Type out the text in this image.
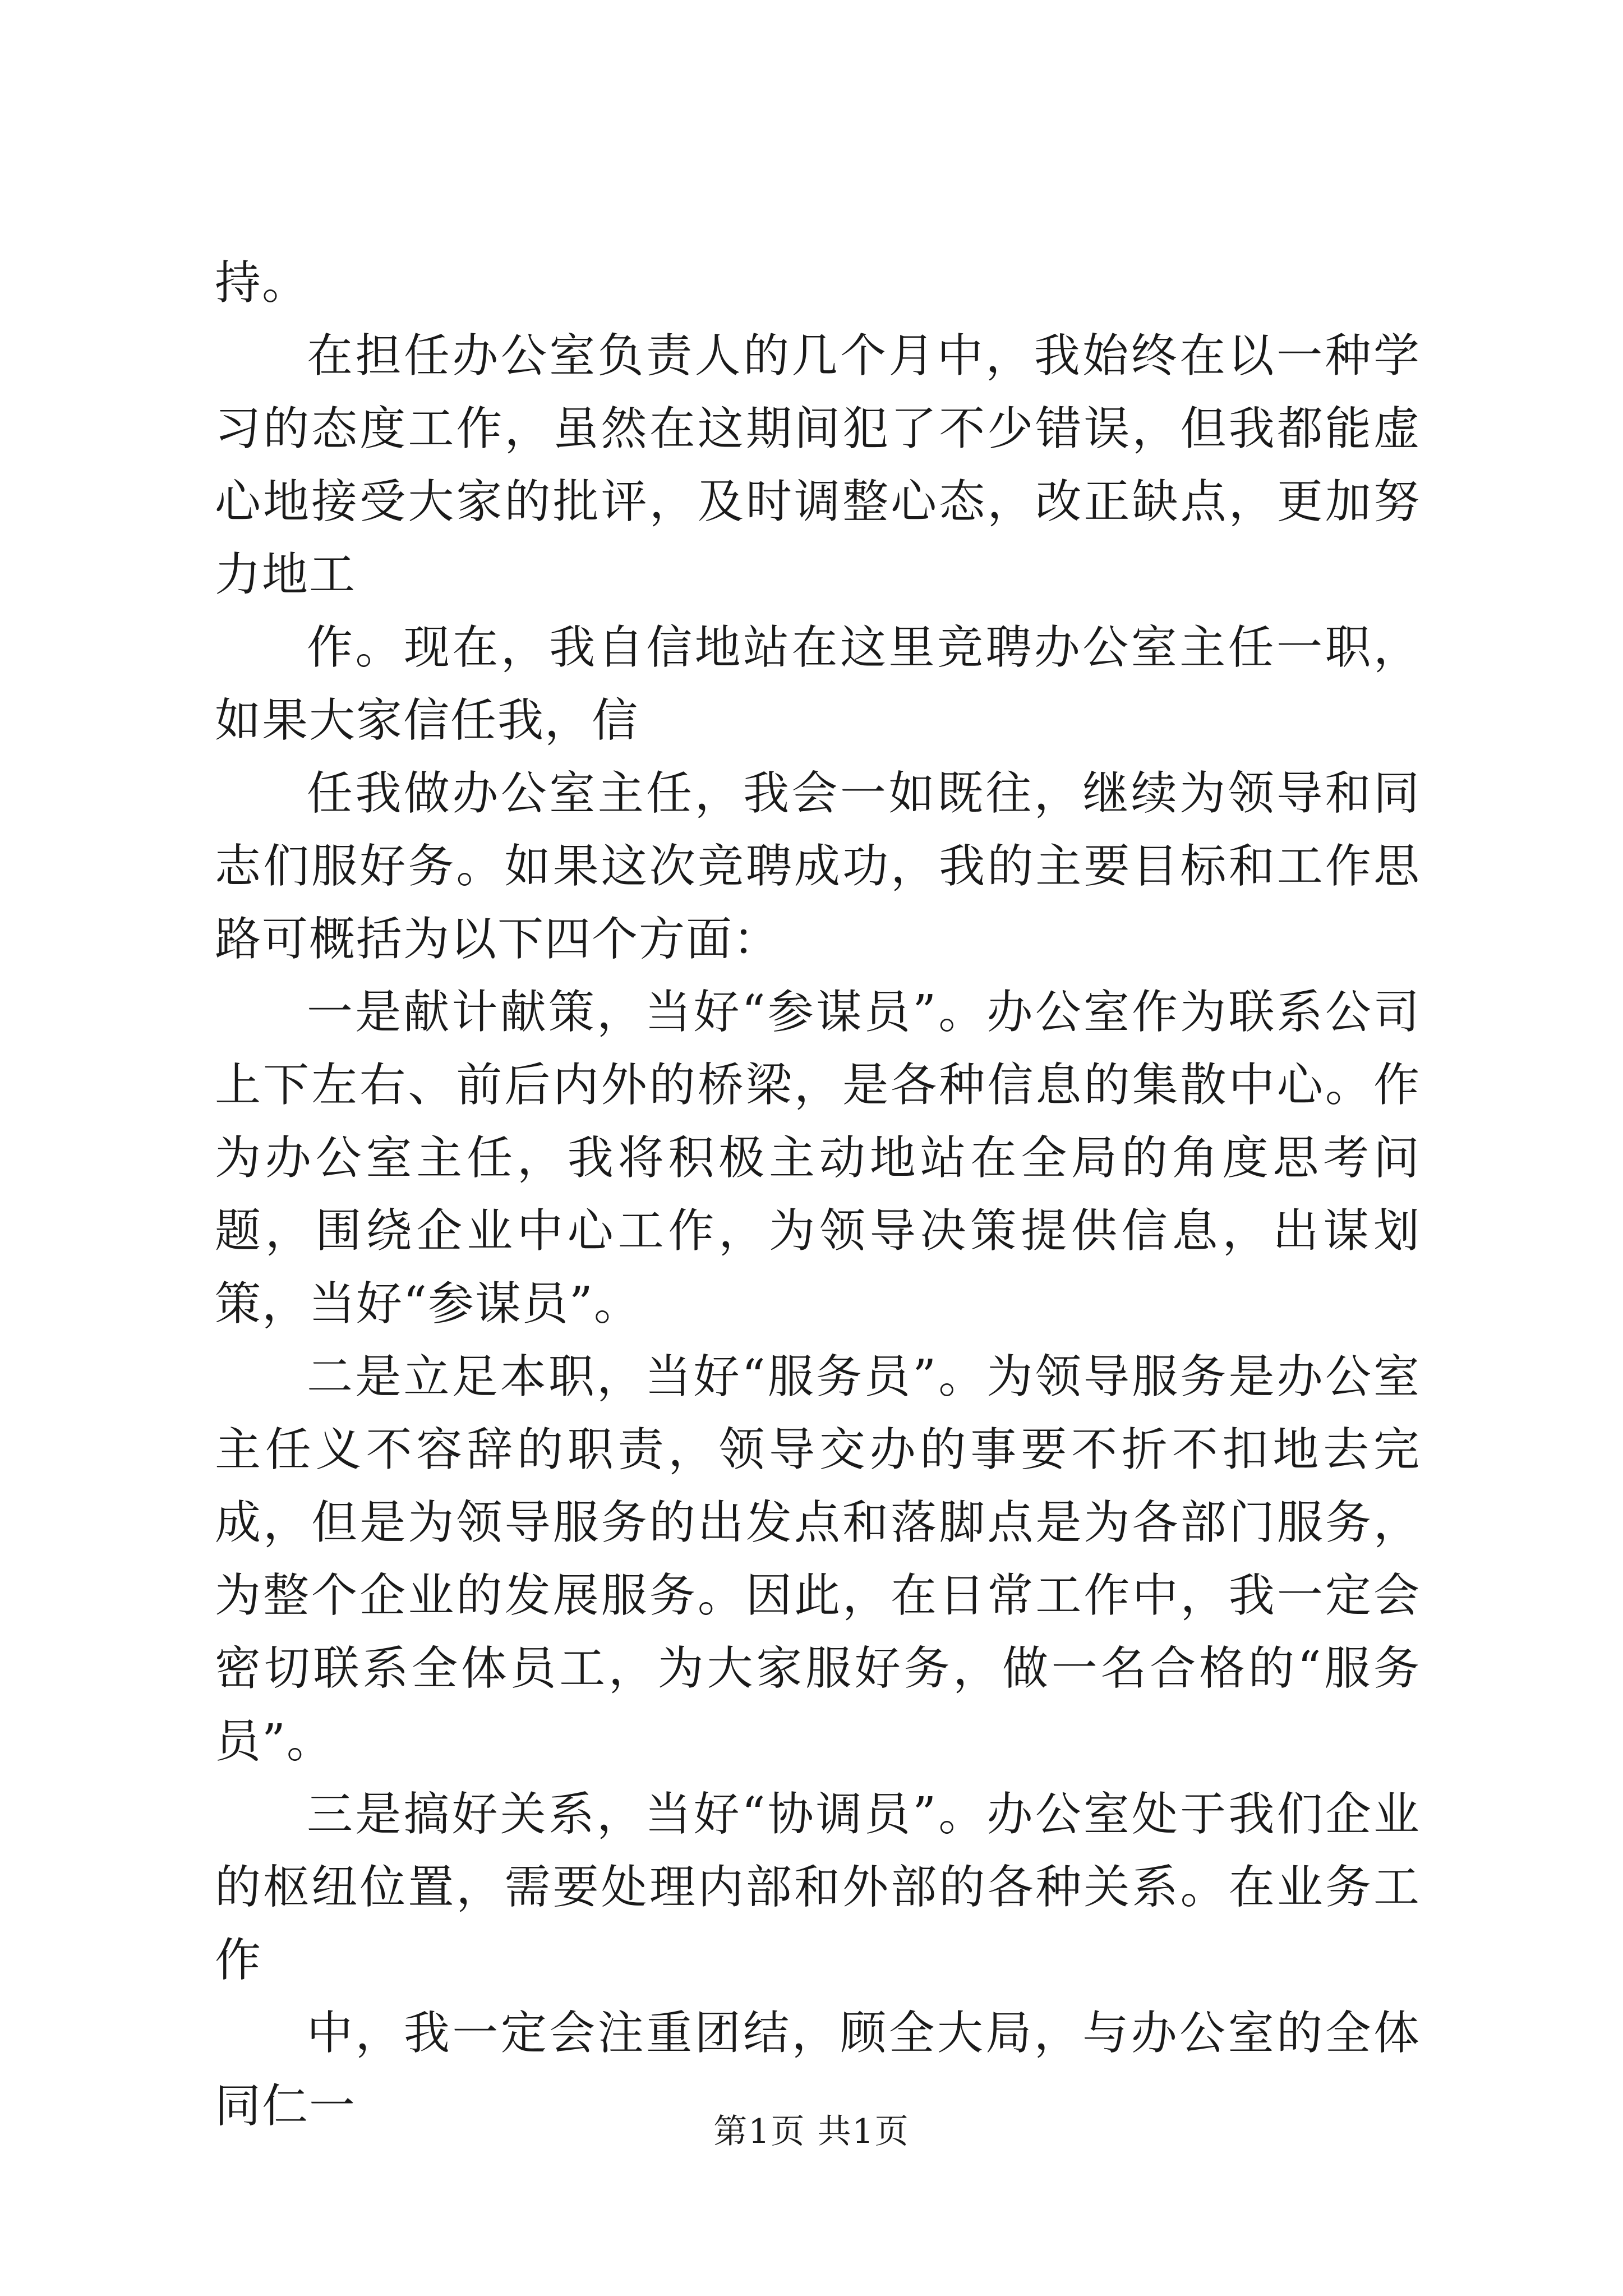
持。

在担任办公室负责人的几个月中，我始终在以一种学习的态度工作，虽然在这期间犯了不少错误，但我都能虚心地接受大家的批评，及时调整心态，改正缺点，更加努力地工

作。现在，我自信地站在这里竞聘办公室主任一职，如果大家信任我，信

任我做办公室主任，我会一如既往，继续为领导和同志们服好务。如果这次竞聘成功，我的主要目标和工作思路可概括为以下四个方面：

一是献计献策，当好“参谋员”。办公室作为联系公司上下左右、前后内外的桥梁，是各种信息的集散中心。作为办公室主任，我将积极主动地站在全局的角度思考问题，围绕企业中心工作，为领导决策提供信息，出谋划策，当好“参谋员”。

二是立足本职，当好“服务员”。为领导服务是办公室主任义不容辞的职责，领导交办的事要不折不扣地去完成，但是为领导服务的出发点和落脚点是为各部门服务，为整个企业的发展服务。因此，在日常工作中，我一定会密切联系全体员工，为大家服好务，做一名合格的“服务员”。

三是搞好关系，当好“协调员”。办公室处于我们企业的枢纽位置，需要处理内部和外部的各种关系。在业务工作

中，我一定会注重团结，顾全大局，与办公室的全体同仁一	第1页 共1页
